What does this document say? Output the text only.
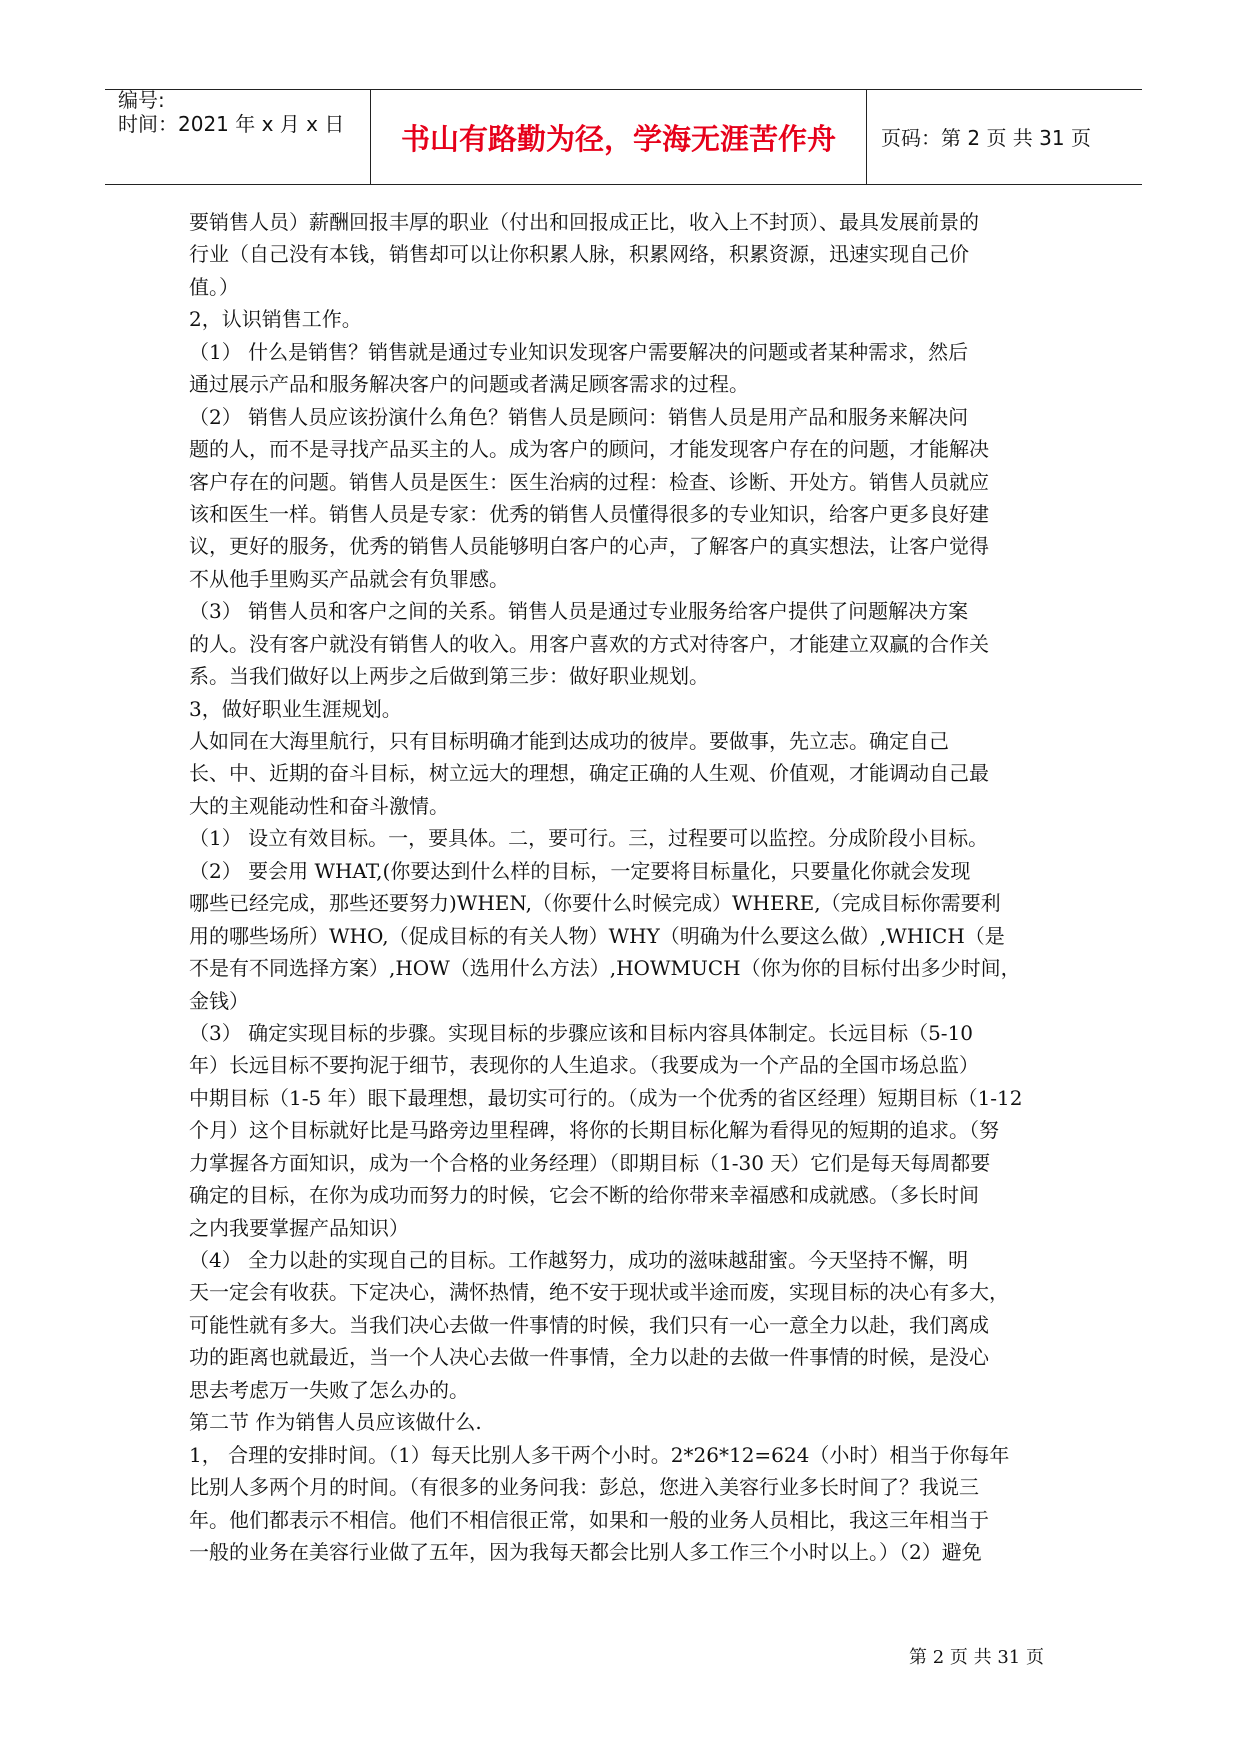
编号:
时间：2021 年 x 月 x 日	书山有路勤为径，学海无涯苦作舟	页码：第 2 页 共 31 页
要销售人员）薪酬回报丰厚的职业（付出和回报成正比，收入上不封顶）、最具发展前景的
行业（自己没有本钱，销售却可以让你积累人脉，积累网络，积累资源，迅速实现自己价
值。）
2，认识销售工作。
（1） 什么是销售？销售就是通过专业知识发现客户需要解决的问题或者某种需求，然后
通过展示产品和服务解决客户的问题或者满足顾客需求的过程。
（2） 销售人员应该扮演什么角色？销售人员是顾问：销售人员是用产品和服务来解决问
题的人，而不是寻找产品买主的人。成为客户的顾问，才能发现客户存在的问题，才能解决
客户存在的问题。销售人员是医生：医生治病的过程：检查、诊断、开处方。销售人员就应
该和医生一样。销售人员是专家：优秀的销售人员懂得很多的专业知识，给客户更多良好建
议，更好的服务，优秀的销售人员能够明白客户的心声，了解客户的真实想法，让客户觉得
不从他手里购买产品就会有负罪感。
（3） 销售人员和客户之间的关系。销售人员是通过专业服务给客户提供了问题解决方案
的人。没有客户就没有销售人的收入。用客户喜欢的方式对待客户，才能建立双赢的合作关
系。当我们做好以上两步之后做到第三步：做好职业规划。
3，做好职业生涯规划。
人如同在大海里航行，只有目标明确才能到达成功的彼岸。要做事，先立志。确定自己
长、中、近期的奋斗目标，树立远大的理想，确定正确的人生观、价值观，才能调动自己最
大的主观能动性和奋斗激情。
（1） 设立有效目标。一，要具体。二，要可行。三，过程要可以监控。分成阶段小目标。
（2） 要会用 WHAT,(你要达到什么样的目标，一定要将目标量化，只要量化你就会发现
哪些已经完成，那些还要努力)WHEN,（你要什么时候完成）WHERE,（完成目标你需要利
用的哪些场所）WHO,（促成目标的有关人物）WHY（明确为什么要这么做）,WHICH（是
不是有不同选择方案）,HOW（选用什么方法）,HOWMUCH（你为你的目标付出多少时间，
金钱）
（3） 确定实现目标的步骤。实现目标的步骤应该和目标内容具体制定。长远目标（5-10
年）长远目标不要拘泥于细节，表现你的人生追求。（我要成为一个产品的全国市场总监）
中期目标（1-5 年）眼下最理想，最切实可行的。（成为一个优秀的省区经理）短期目标（1-12
个月）这个目标就好比是马路旁边里程碑，将你的长期目标化解为看得见的短期的追求。（努
力掌握各方面知识，成为一个合格的业务经理）（即期目标（1-30 天）它们是每天每周都要
确定的目标，在你为成功而努力的时候，它会不断的给你带来幸福感和成就感。（多长时间
之内我要掌握产品知识）
（4） 全力以赴的实现自己的目标。工作越努力，成功的滋味越甜蜜。今天坚持不懈，明
天一定会有收获。下定决心，满怀热情，绝不安于现状或半途而废，实现目标的决心有多大，
可能性就有多大。当我们决心去做一件事情的时候，我们只有一心一意全力以赴，我们离成
功的距离也就最近，当一个人决心去做一件事情，全力以赴的去做一件事情的时候，是没心
思去考虑万一失败了怎么办的。
第二节 作为销售人员应该做什么.
1， 合理的安排时间。（1）每天比别人多干两个小时。2*26*12=624（小时）相当于你每年
比别人多两个月的时间。（有很多的业务问我：彭总，您进入美容行业多长时间了？我说三
年。他们都表示不相信。他们不相信很正常，如果和一般的业务人员相比，我这三年相当于
一般的业务在美容行业做了五年，因为我每天都会比别人多工作三个小时以上。）（2）避免
第 2 页 共 31 页
